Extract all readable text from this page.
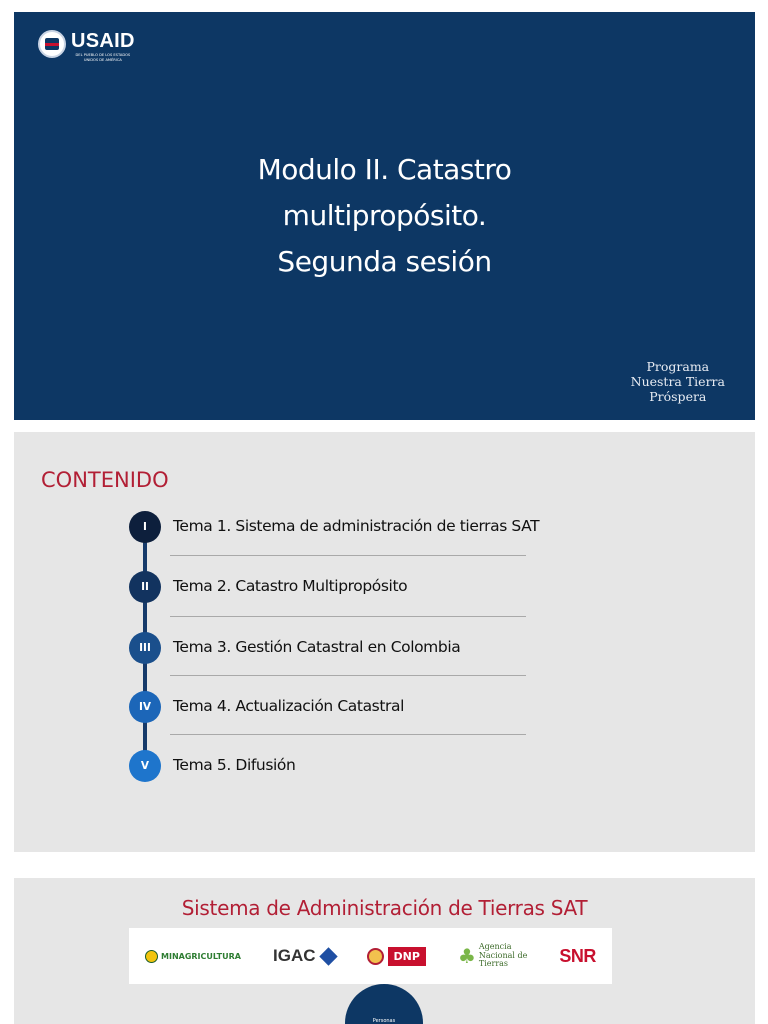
USAID
DEL PUEBLO DE LOS ESTADOS
UNIDOS DE AMÉRICA
Modulo II. Catastro
multipropósito.
Segunda sesión
Programa
Nuestra Tierra
Próspera
CONTENIDO
I	Tema 1. Sistema de administración de tierras SAT
II	Tema 2. Catastro Multipropósito
III	Tema 3. Gestión Catastral en Colombia
IV	Tema 4. Actualización Catastral
V	Tema 5. Difusión
Sistema de Administración de Tierras SAT
MINAGRICULTURA IGAC	DNP	♣ Agencia
Nacional de
Tierras	SNR
Personas
